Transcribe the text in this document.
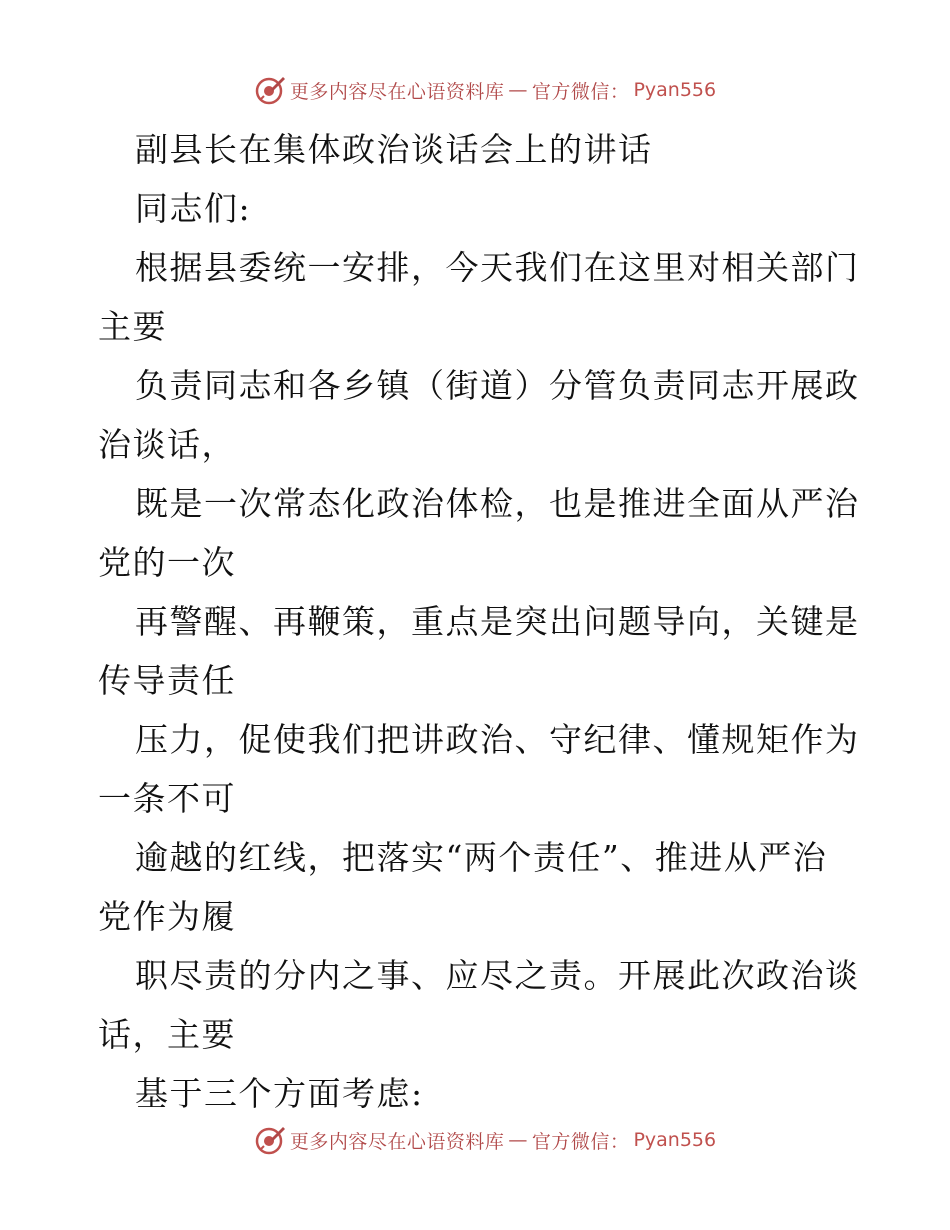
更多内容尽在心语资料库 — 官方微信： Pyan556
副县长在集体政治谈话会上的讲话
同志们:
根据县委统一安排，今天我们在这里对相关部门
主要
负责同志和各乡镇（街道）分管负责同志开展政
治谈话，
既是一次常态化政治体检，也是推进全面从严治
党的一次
再警醒、再鞭策，重点是突出问题导向，关键是
传导责任
压力，促使我们把讲政治、守纪律、懂规矩作为
一条不可
逾越的红线，把落实“两个责任”、推进从严治
党作为履
职尽责的分内之事、应尽之责。开展此次政治谈
话，主要
基于三个方面考虑:
更多内容尽在心语资料库 — 官方微信： Pyan556
